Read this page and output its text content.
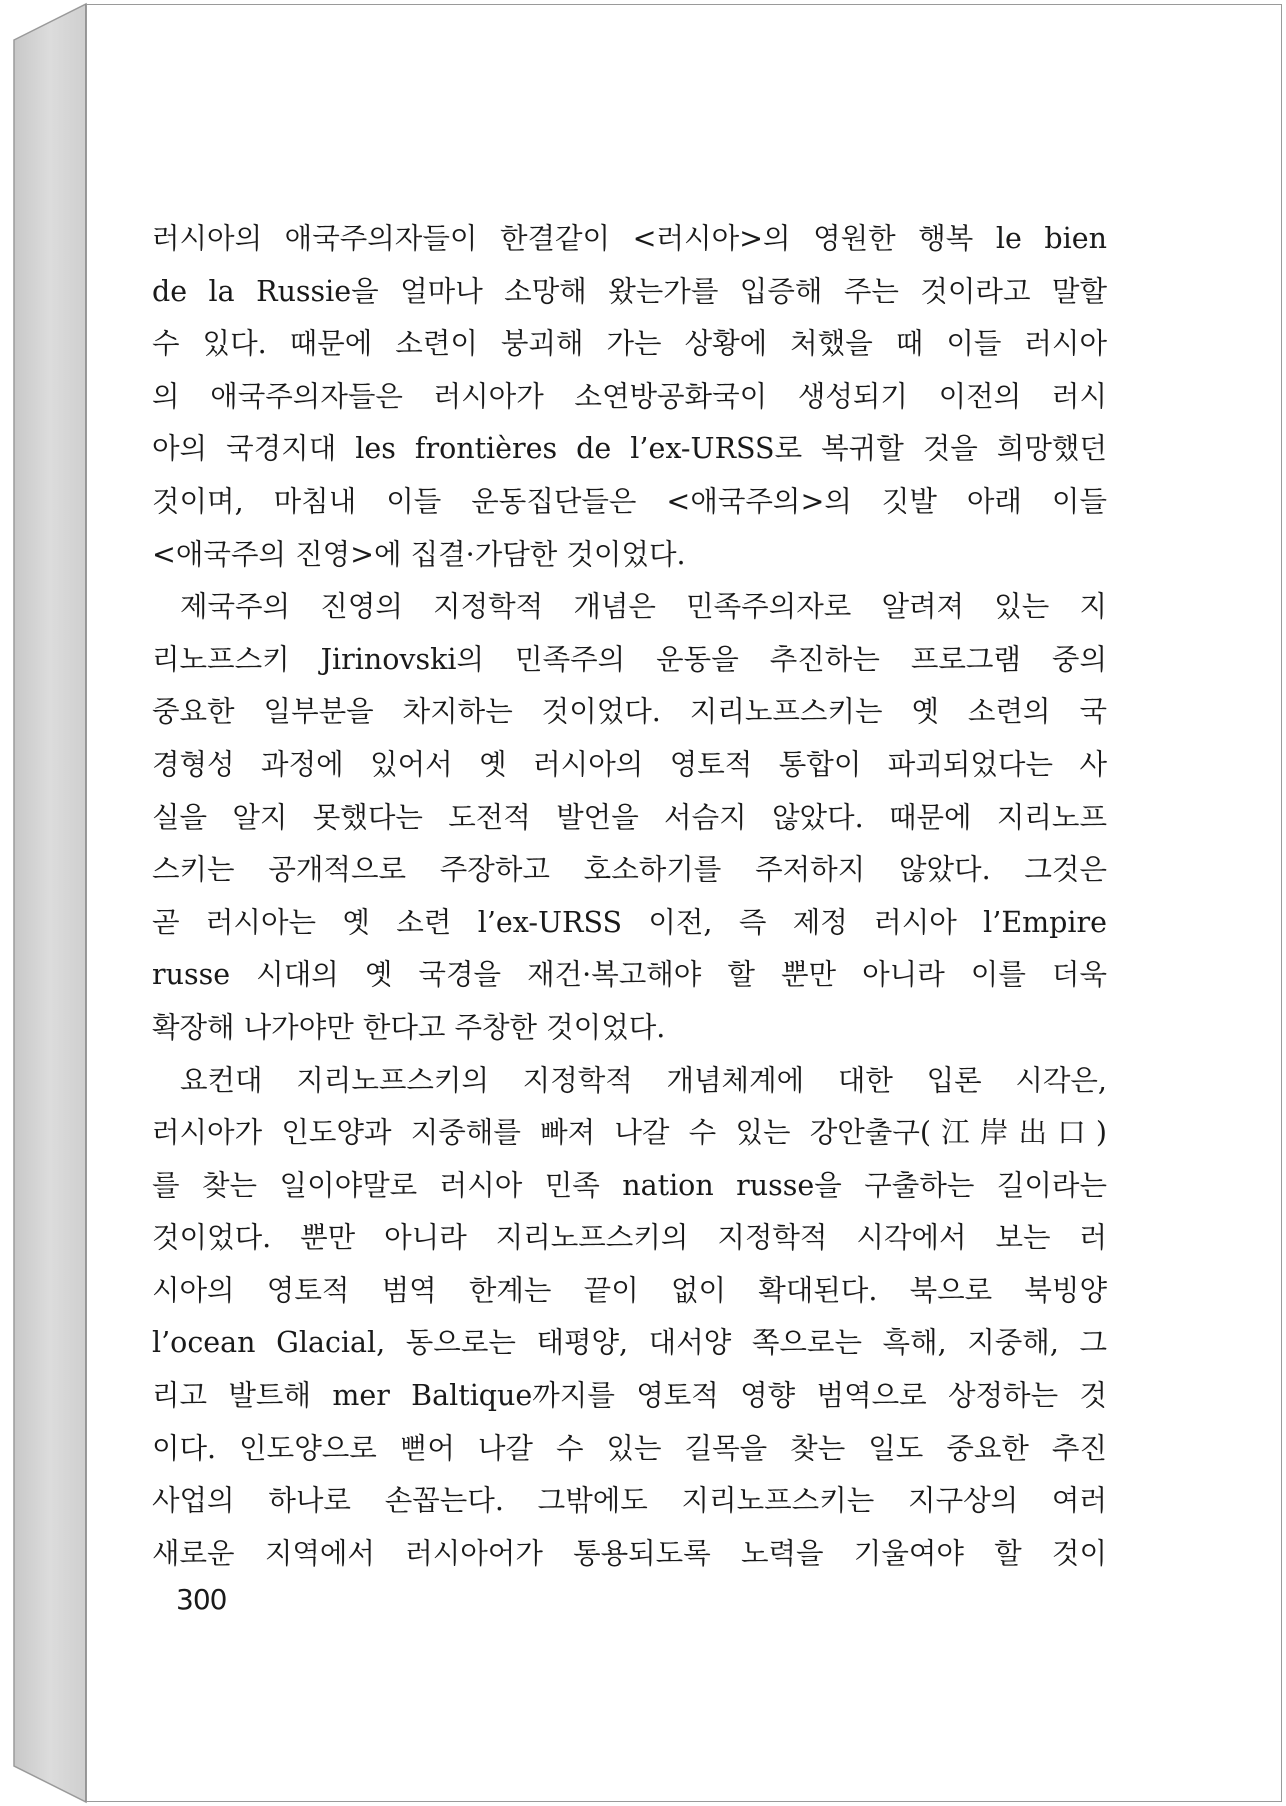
러시아의 애국주의자들이 한결같이 <러시아>의 영원한 행복 le bien
de la Russie을 얼마나 소망해 왔는가를 입증해 주는 것이라고 말할
수 있다. 때문에 소련이 붕괴해 가는 상황에 처했을 때 이들 러시아
의 애국주의자들은 러시아가 소연방공화국이 생성되기 이전의 러시
아의 국경지대 les frontières de l’ex-URSS로 복귀할 것을 희망했던
것이며, 마침내 이들 운동집단들은 <애국주의>의 깃발 아래 이들
<애국주의 진영>에 집결·가담한 것이었다.
제국주의 진영의 지정학적 개념은 민족주의자로 알려져 있는 지
리노프스키 Jirinovski의 민족주의 운동을 추진하는 프로그램 중의
중요한 일부분을 차지하는 것이었다. 지리노프스키는 옛 소련의 국
경형성 과정에 있어서 옛 러시아의 영토적 통합이 파괴되었다는 사
실을 알지 못했다는 도전적 발언을 서슴지 않았다. 때문에 지리노프
스키는 공개적으로 주장하고 호소하기를 주저하지 않았다. 그것은
곧 러시아는 옛 소련 l’ex-URSS 이전, 즉 제정 러시아 l’Empire
russe 시대의 옛 국경을 재건·복고해야 할 뿐만 아니라 이를 더욱
확장해 나가야만 한다고 주창한 것이었다.
요컨대 지리노프스키의 지정학적 개념체계에 대한 입론 시각은,
러시아가 인도양과 지중해를 빠져 나갈 수 있는 강안출구(江岸出口)
를 찾는 일이야말로 러시아 민족 nation russe을 구출하는 길이라는
것이었다. 뿐만 아니라 지리노프스키의 지정학적 시각에서 보는 러
시아의 영토적 범역 한계는 끝이 없이 확대된다. 북으로 북빙양
l’ocean Glacial, 동으로는 태평양, 대서양 쪽으로는 흑해, 지중해, 그
리고 발트해 mer Baltique까지를 영토적 영향 범역으로 상정하는 것
이다. 인도양으로 뻗어 나갈 수 있는 길목을 찾는 일도 중요한 추진
사업의 하나로 손꼽는다. 그밖에도 지리노프스키는 지구상의 여러
새로운 지역에서 러시아어가 통용되도록 노력을 기울여야 할 것이
300
